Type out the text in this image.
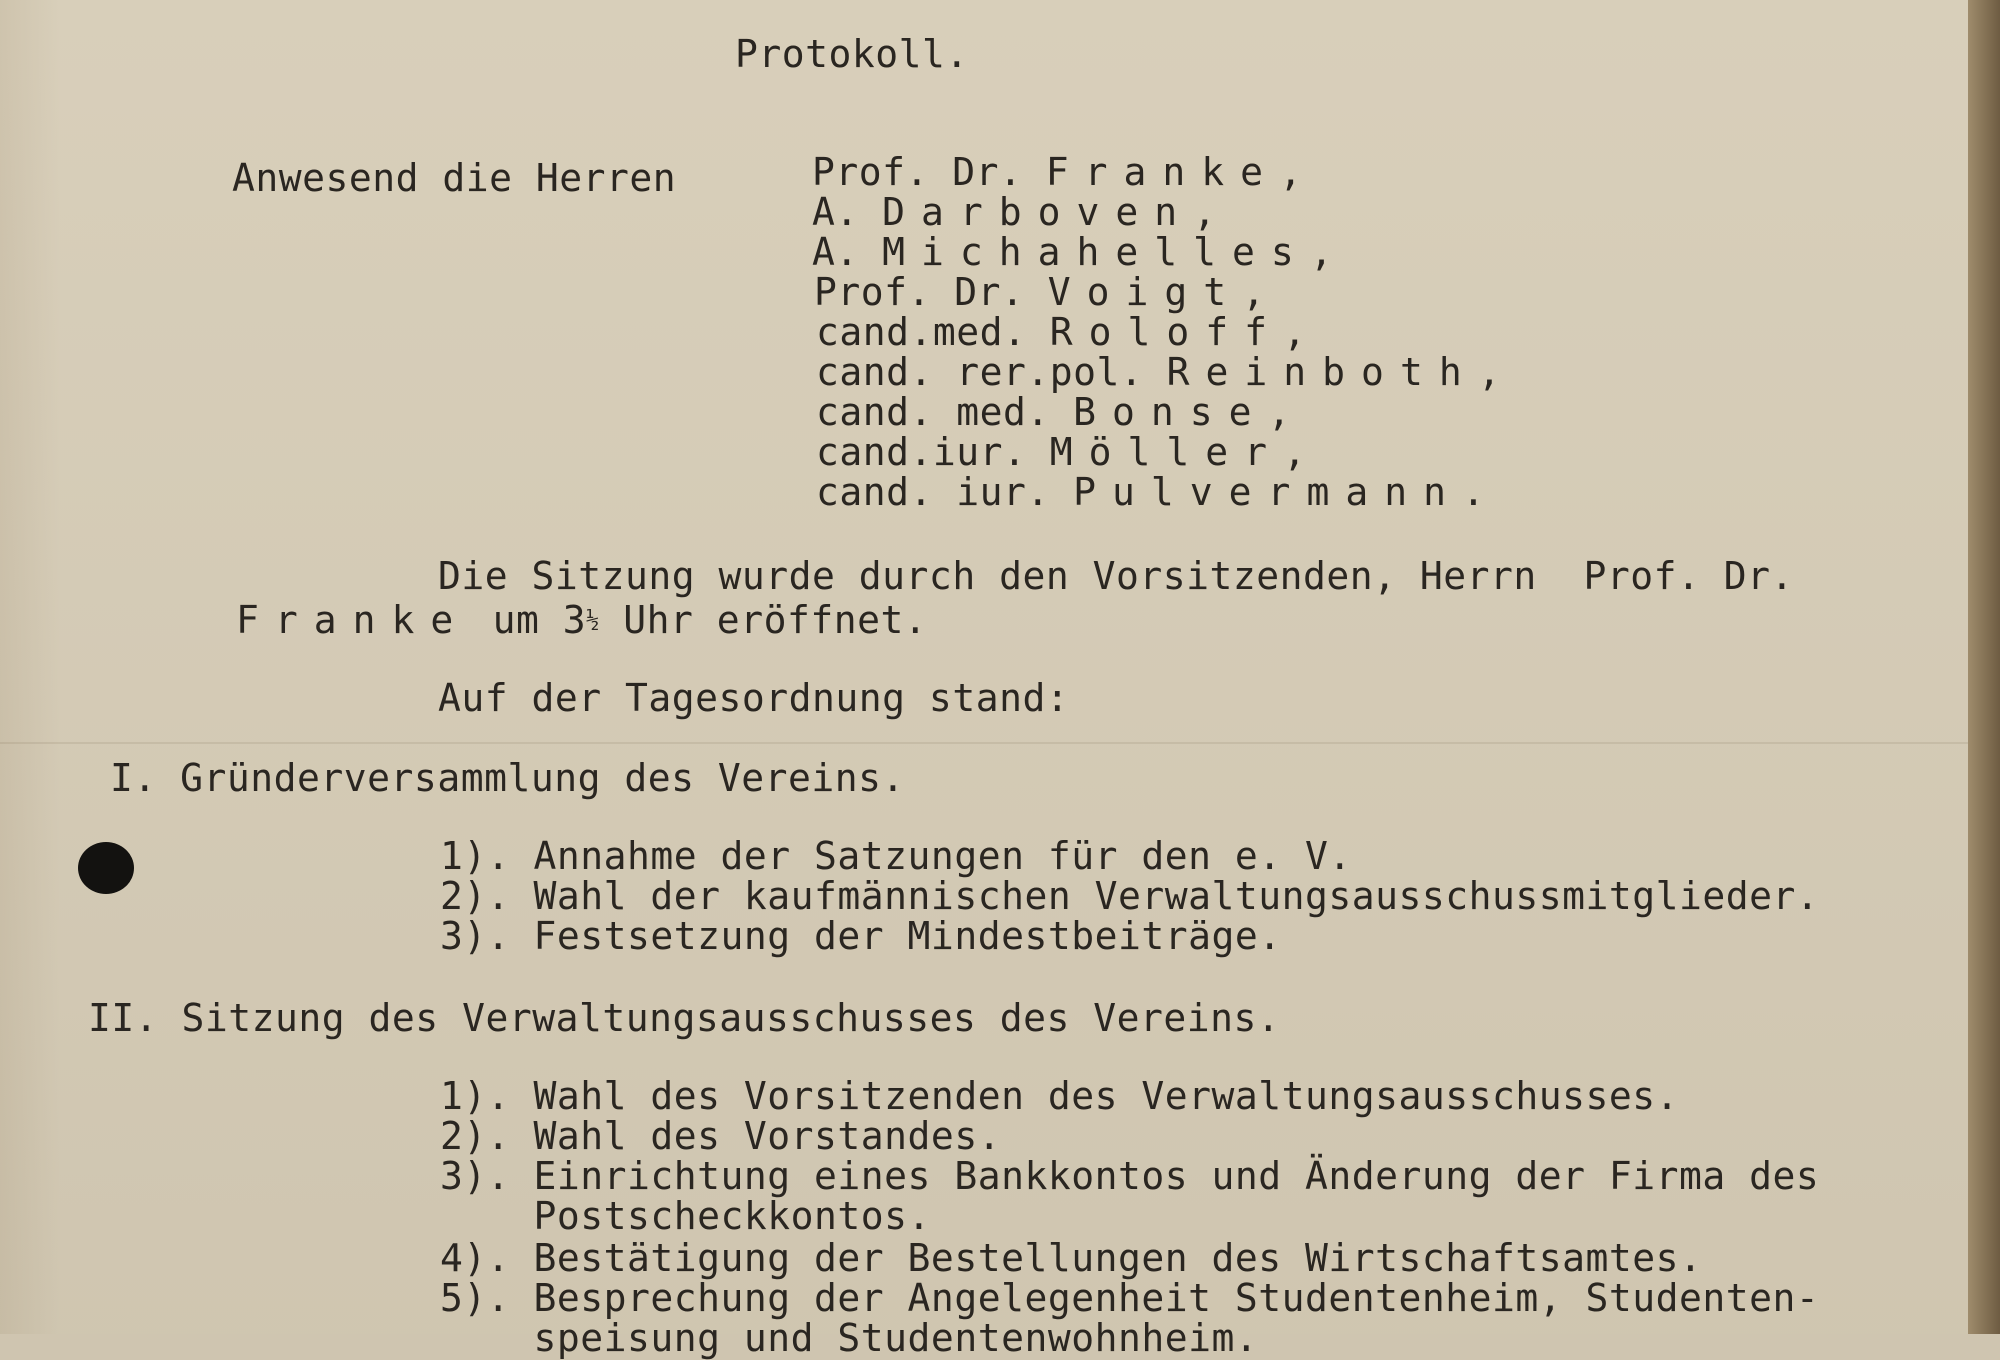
Protokoll.

Anwesend die Herren	Prof. Dr. Franke,

A. Darboven,

A. Michahelles,

Prof. Dr. Voigt,

cand.med. Roloff,

cand. rer.pol. Reinboth,

cand. med. Bonse,

cand.iur. Möller,

cand. iur. Pulvermann.

Die Sitzung wurde durch den Vorsitzenden, Herrn  Prof. Dr.

Franke um 3½ Uhr eröffnet.

Auf der Tagesordnung stand:

I. Gründerversammlung des Vereins.

1). Annahme der Satzungen für den e. V.

2). Wahl der kaufmännischen Verwaltungsausschussmitglieder.

3). Festsetzung der Mindestbeiträge.

II. Sitzung des Verwaltungsausschusses des Vereins.

1). Wahl des Vorsitzenden des Verwaltungsausschusses.

2). Wahl des Vorstandes.

3). Einrichtung eines Bankkontos und Änderung der Firma des

Postscheckkontos.

4). Bestätigung der Bestellungen des Wirtschaftsamtes.

5). Besprechung der Angelegenheit Studentenheim, Studenten-

speisung und Studentenwohnheim.
